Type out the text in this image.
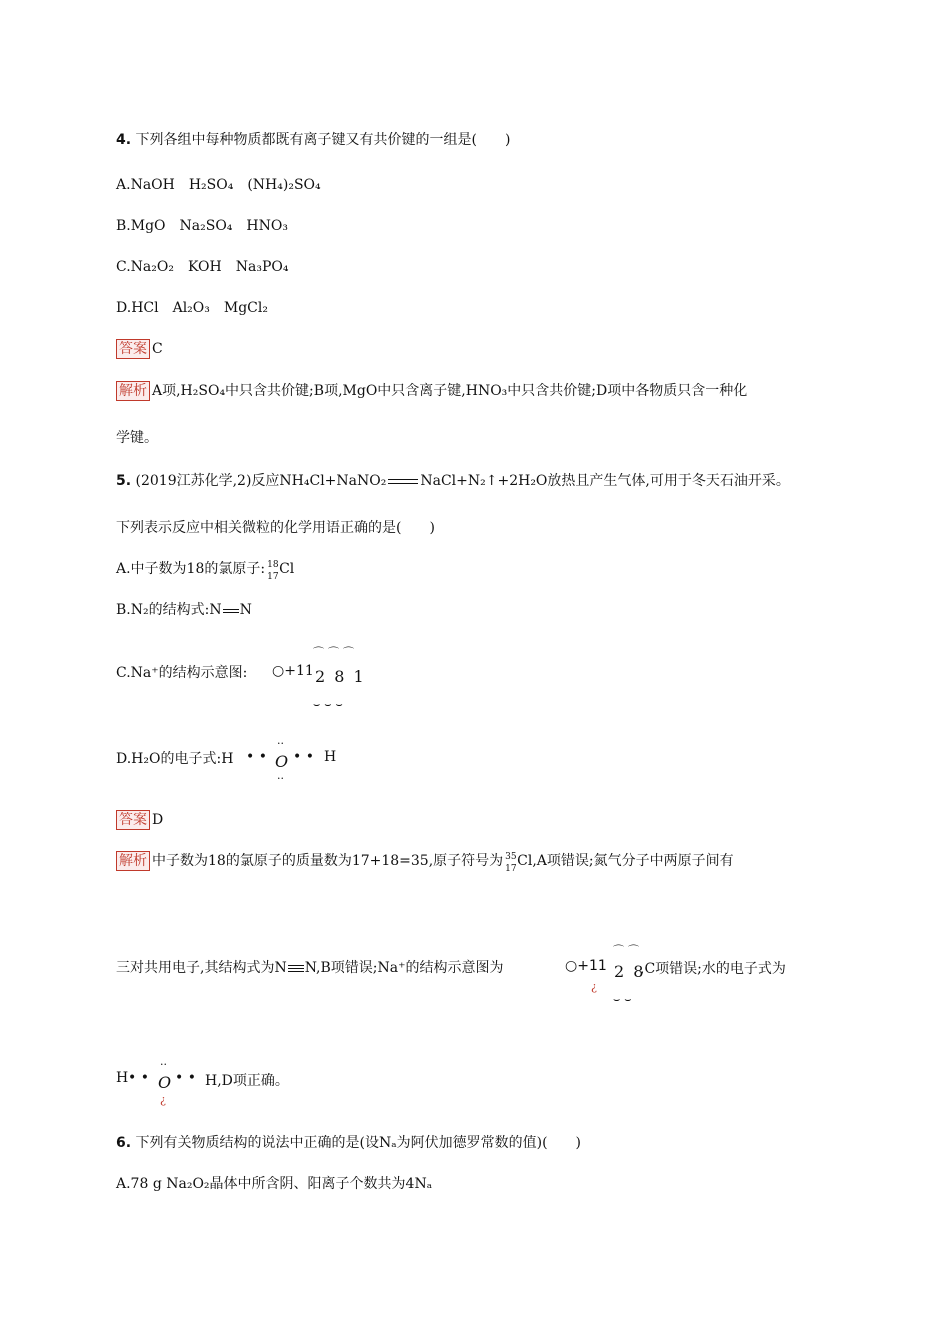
4. 下列各组中每种物质都既有离子键又有共价键的一组是(　　)
A.NaOH　H₂SO₄　(NH₄)₂SO₄
B.MgO　Na₂SO₄　HNO₃
C.Na₂O₂　KOH　Na₃PO₄
D.HCl　Al₂O₃　MgCl₂
答案 C
解析 A项,H₂SO₄中只含共价键;B项,MgO中只含离子键,HNO₃中只含共价键;D项中各物质只含一种化
学键。
5. (2019江苏化学,2)反应NH₄Cl+NaNO₂ NaCl+N₂↑+2H₂O放热且产生气体,可用于冬天石油开采。
下列表示反应中相关微粒的化学用语正确的是(　　)
A.中子数为18的氯原子: 18
17 Cl
B.N₂的结构式:N N
C.Na⁺的结构示意图: ○+11
⌒⌒⌒
2 8 1
⌣⌣⌣
D.H₂O的电子式:H • •
··
O
··
• • H
答案 D
解析 中子数为18的氯原子的质量数为17+18=35,原子符号为 35
17 Cl,A项错误;氮气分子中两原子间有
三对共用电子,其结构式为N N,B项错误;Na⁺的结构示意图为	○+11
¿
⌒⌒
2 8
⌣⌣
,C项错误;水的电子式为
H • •
··
O
¿
• • H,D项正确。
6. 下列有关物质结构的说法中正确的是(设Nₐ为阿伏加德罗常数的值)(　　)
A.78 g Na₂O₂晶体中所含阴、阳离子个数共为4Nₐ
